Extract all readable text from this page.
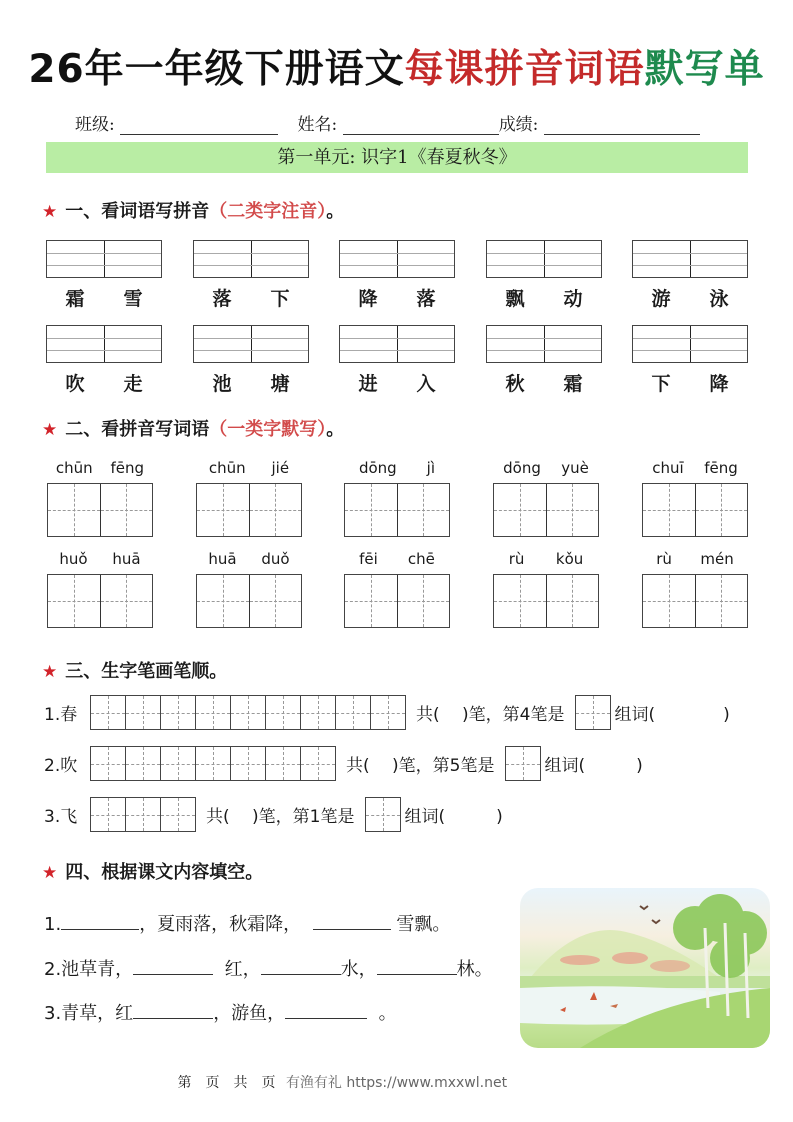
26年一年级下册语文每课拼音词语默写单
班级:	姓名:	成绩:
第一单元: 识字1《春夏秋冬》
★ 一、看词语写拼音（二类字注音）。
霜 雪	落 下	降 落	飘 动	游 泳
吹 走	池 塘	进 入	秋 霜	下 降
★ 二、看拼音写词语（一类字默写）。
chūn fēng	chūn jié	dōng jì	dōng yuè	chuī fēng
huǒ huā	huā duǒ	fēi chē	rù kǒu	rù mén
★ 三、生字笔画笔顺。
1.春	共(　 )笔， 第4笔是	组词(　　　　)
2.吹	共(　 )笔， 第5笔是	组词(　　　)
3.飞	共(　 )笔， 第1笔是	组词(　　　)
★ 四、根据课文内容填空。
1.	，夏雨落，秋霜降，	雪飘。
2.池草青，	红，	水，	林。
3.青草，红	，游鱼，	。
有渔有礼 https://www.mxxwl.net
第　页　共　页
